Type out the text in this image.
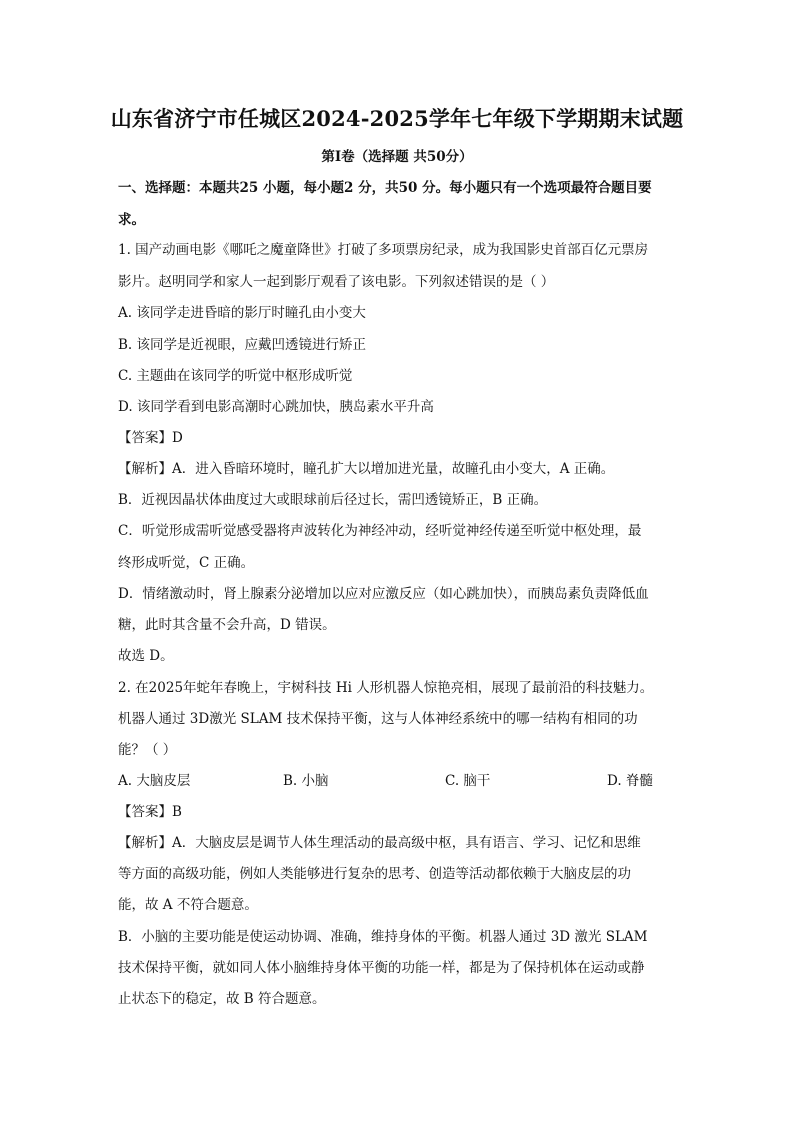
山东省济宁市任城区2024-2025学年七年级下学期期末试题
第Ⅰ卷（选择题 共50分）
一、选择题：本题共25 小题，每小题2 分，共50 分。每小题只有一个选项最符合题目要
求。
1. 国产动画电影《哪吒之魔童降世》打破了多项票房纪录，成为我国影史首部百亿元票房
影片。赵明同学和家人一起到影厅观看了该电影。下列叙述错误的是（ ）
A. 该同学走进昏暗的影厅时瞳孔由小变大
B. 该同学是近视眼，应戴凹透镜进行矫正
C. 主题曲在该同学的听觉中枢形成听觉
D. 该同学看到电影高潮时心跳加快，胰岛素水平升高
【答案】D
【解析】A．进入昏暗环境时，瞳孔扩大以增加进光量，故瞳孔由小变大，A 正确。
B．近视因晶状体曲度过大或眼球前后径过长，需凹透镜矫正，B 正确。
C．听觉形成需听觉感受器将声波转化为神经冲动，经听觉神经传递至听觉中枢处理，最
终形成听觉，C 正确。
D．情绪激动时，肾上腺素分泌增加以应对应激反应（如心跳加快），而胰岛素负责降低血
糖，此时其含量不会升高，D 错误。
故选 D。
2. 在2025年蛇年春晚上，宇树科技 Hi 人形机器人惊艳亮相，展现了最前沿的科技魅力。
机器人通过 3D激光 SLAM 技术保持平衡，这与人体神经系统中的哪一结构有相同的功
能？（ ）
A. 大脑皮层	B. 小脑	C. 脑干	D. 脊髓
【答案】B
【解析】A．大脑皮层是调节人体生理活动的最高级中枢，具有语言、学习、记忆和思维
等方面的高级功能，例如人类能够进行复杂的思考、创造等活动都依赖于大脑皮层的功
能，故 A 不符合题意。
B．小脑的主要功能是使运动协调、准确，维持身体的平衡。机器人通过 3D 激光 SLAM
技术保持平衡，就如同人体小脑维持身体平衡的功能一样，都是为了保持机体在运动或静
止状态下的稳定，故 B 符合题意。
